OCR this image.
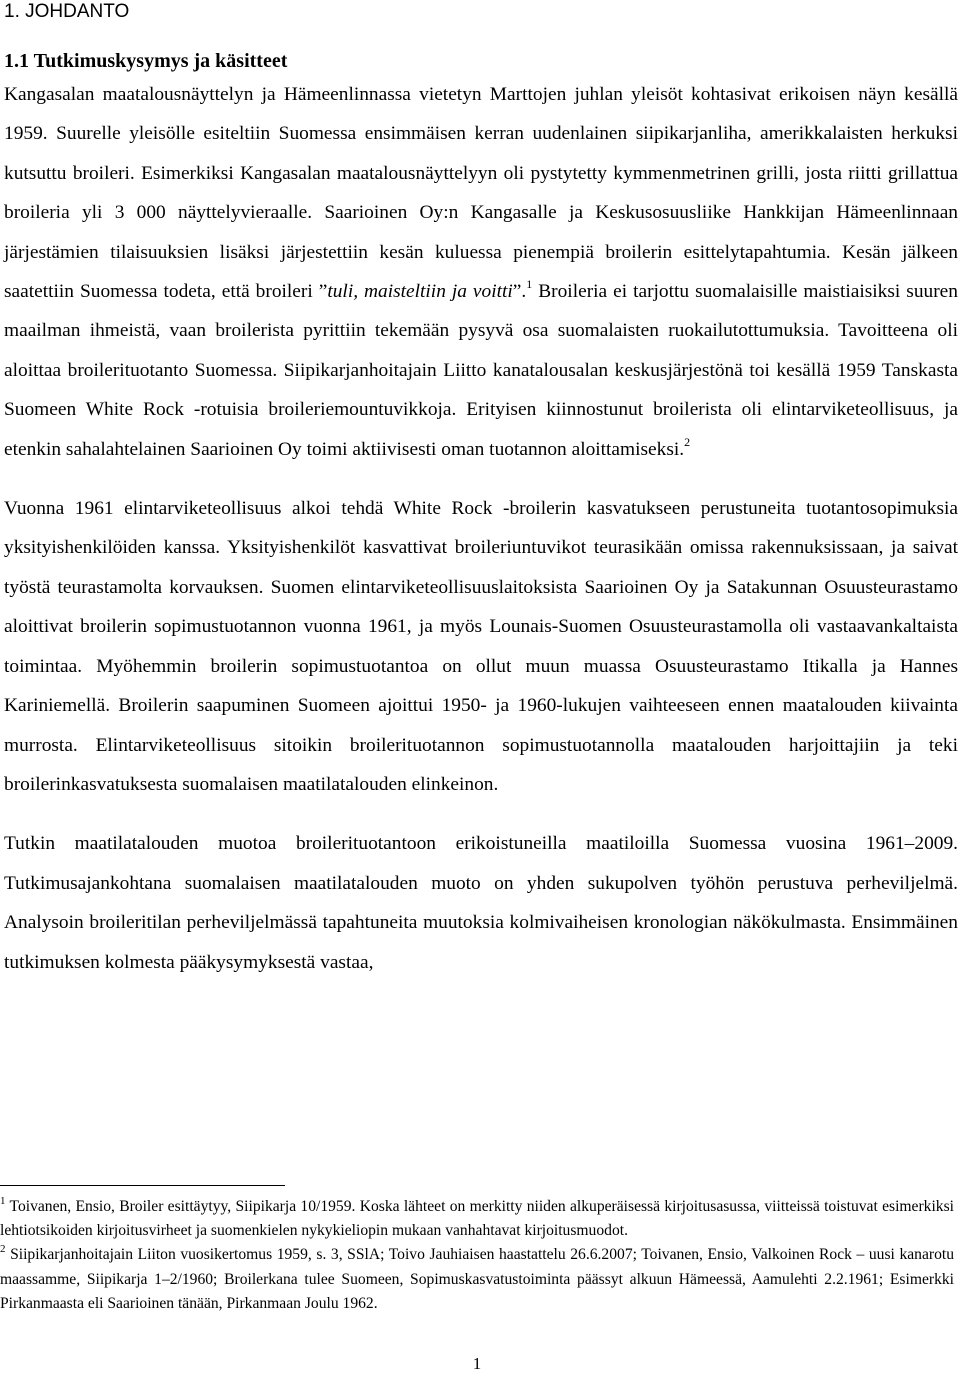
1. JOHDANTO
1.1 Tutkimuskysymys ja käsitteet

Kangasalan maatalousnäyttelyn ja Hämeenlinnassa vietetyn Marttojen juhlan yleisöt kohtasivat erikoisen näyn kesällä 1959. Suurelle yleisölle esiteltiin Suomessa ensimmäisen kerran uudenlainen siipikarjanliha, amerikkalaisten herkuksi kutsuttu broileri. Esimerkiksi Kangasalan maatalousnäyttelyyn oli pystytetty kymmenmetrinen grilli, josta riitti grillattua broileria yli 3 000 näyttelyvieraalle. Saarioinen Oy:n Kangasalle ja Keskusosuusliike Hankkijan Hämeenlinnaan järjestämien tilaisuuksien lisäksi järjestettiin kesän kuluessa pienempiä broilerin esittelytapahtumia. Kesän jälkeen saatettiin Suomessa todeta, että broileri ”tuli, maisteltiin ja voitti”.$^1$ Broileria ei tarjottu suomalaisille maistiaisiksi suuren maailman ihmeistä, vaan broilerista pyrittiin tekemään pysyvä osa suomalaisten ruokailutottumuksia. Tavoitteena oli aloittaa broilerituotanto Suomessa. Siipikarjanhoitajain Liitto kanatalousalan keskusjärjestönä toi kesällä 1959 Tanskasta Suomeen White Rock -rotuisia broileriemountuvikkoja. Erityisen kiinnostunut broilerista oli elintarviketeollisuus, ja etenkin sahalahtelainen Saarioinen Oy toimi aktiivisesti oman tuotannon aloittamiseksi.$^2$

Vuonna 1961 elintarviketeollisuus alkoi tehdä White Rock -broilerin kasvatukseen perustuneita tuotantosopimuksia yksityishenkilöiden kanssa. Yksityishenkilöt kasvattivat broileriuntuvikot teurasikään omissa rakennuksissaan, ja saivat työstä teurastamolta korvauksen. Suomen elintarviketeollisuuslaitoksista Saarioinen Oy ja Satakunnan Osuusteurastamo aloittivat broilerin sopimustuotannon vuonna 1961, ja myös Lounais-Suomen Osuusteurastamolla oli vastaavankaltaista toimintaa. Myöhemmin broilerin sopimustuotantoa on ollut muun muassa Osuusteurastamo Itikalla ja Hannes Kariniemellä. Broilerin saapuminen Suomeen ajoittui 1950- ja 1960-lukujen vaihteeseen ennen maatalouden kiivainta murrosta. Elintarviketeollisuus sitoikin broilerituotannon sopimustuotannolla maatalouden harjoittajiin ja teki broilerinkasvatuksesta suomalaisen maatilatalouden elinkeinon.

Tutkin maatilatalouden muotoa broilerituotantoon erikoistuneilla maatiloilla Suomessa vuosina 1961–2009. Tutkimusajankohtana suomalaisen maatilatalouden muoto on yhden sukupolven työhön perustuva perheviljelmä. Analysoin broileritilan perheviljelmässä tapahtuneita muutoksia kolmivaiheisen kronologian näkökulmasta. Ensimmäinen tutkimuksen kolmesta pääkysymyksestä vastaa,

$^1$ Toivanen, Ensio, Broiler esittäytyy, Siipikarja 10/1959. Koska lähteet on merkitty niiden alkuperäisessä kirjoitusasussa, viitteissä toistuvat esimerkiksi lehtiotsikoiden kirjoitusvirheet ja suomenkielen nykykieliopin mukaan vanhahtavat kirjoitusmuodot.

$^2$ Siipikarjanhoitajain Liiton vuosikertomus 1959, s. 3, SSlA; Toivo Jauhiaisen haastattelu 26.6.2007; Toivanen, Ensio, Valkoinen Rock – uusi kanarotu maassamme, Siipikarja 1–2/1960; Broilerkana tulee Suomeen, Sopimuskasvatustoiminta päässyt alkuun Hämeessä, Aamulehti 2.2.1961; Esimerkki Pirkanmaasta eli Saarioinen tänään, Pirkanmaan Joulu 1962.

1
